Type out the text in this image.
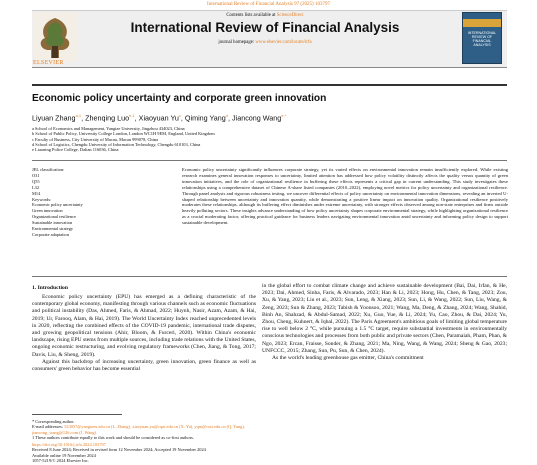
International Review of Financial Analysis 97 (2025) 103797
ELSEVIER
Contents lists available at ScienceDirect
International Review of Financial Analysis
journal homepage: www.elsevier.com/locate/irfa
INTERNATIONAL REVIEW OF FINANCIAL ANALYSIS
Economic policy uncertainty and corporate green innovation
Liyuan Zhang$^{a,1}$, Zhenqing Luo$^{b,1}$, Xiaoyuan Yu$^c$, Qiming Yang$^d$, Jiancong Wang$^{e,*}$
a School of Economics and Management, Yangtze University, Jingzhou 434023, China
b School of Public Policy, University College London, London WC1H 9EM, England, United Kingdom
c Faculty of Business, City University of Macau, Macau 999078, China
d School of Logistics, Chengdu University of Information Technology, Chengdu 610103, China
e Liaoning Police College, Dalian 116036, China
JEL classification:
O31
Q55
L32
M14
Keywords:
Economic policy uncertainty
Green innovation
Organizational resilience
Sustainable innovation
Environmental strategy
Corporate adaptation
Economic policy uncertainty significantly influences corporate strategy, yet its varied effects on environmental innovation remain insufficiently explored. While existing research examines general innovation responses to uncertainty, limited attention has addressed how policy volatility distinctly affects the quality versus quantity of green innovation initiatives, and the role of organizational resilience in buffering these effects represents a critical gap in current understanding. This study investigates these relationships using a comprehensive dataset of Chinese A-share listed companies (2010–2022), employing novel metrics for policy uncertainty and organizational resilience. Through panel analysis and rigorous robustness testing, we uncover differential effects of policy uncertainty on environmental innovation dimensions, revealing an inverted U-shaped relationship between uncertainty and innovation quantity, while demonstrating a positive linear impact on innovation quality. Organizational resilience positively moderates these relationships, although its buffering effect diminishes under extreme uncertainty, with stronger effects observed among non-state enterprises and firms outside heavily polluting sectors. These insights advance understanding of how policy uncertainty shapes corporate environmental strategy, while highlighting organizational resilience as a crucial moderating factor, offering practical guidance for business leaders navigating environmental innovation amid uncertainty and informing policy design to support sustainable development.
1. Introduction
Economic policy uncertainty (EPU) has emerged as a defining characteristic of the contemporary global economy, manifesting through various channels such as economic fluctuations and political instability (Das, Ahmed, Faris, & Ahmad, 2022; Huynh, Nasir, Azam, Azam, & Hai, 2019; Ur, Farooq, Alam, & Hai, 2019). The World Uncertainty Index reached unprecedented levels in 2020, reflecting the combined effects of the COVID-19 pandemic, international trade disputes, and growing geopolitical tensions (Ahir, Bloom, & Furceri, 2020). Within China's economic landscape, rising EPU stems from multiple sources, including trade relations with the United States, ongoing economic restructuring, and evolving regulatory frameworks (Chen, Jiang, & Tong, 2017; Davis, Liu, & Sheng, 2019).
Against this backdrop of increasing uncertainty, green innovation, green finance as well as consumers' green behavior has become essential
in the global effort to combat climate change and achieve sustainable development (Bai, Dai, Irfan, & He, 2023; Dai, Ahmed, Sinha, Faris, & Alvarado, 2023; Han & Li, 2023; Hong, Hu, Chen, & Tang, 2023; Zou, Xu, & Yang, 2023; Liu et al., 2023; Sun, Leng, & Xiang, 2023; Sun, Li, & Wang, 2022; Sun, Liu, Wang, & Zeng, 2023; Sun & Zhang, 2023; Tabish & Yoonsoo, 2021; Wang, Ma, Deng, & Zhang, 2024; Wang, Shahid, Binh An, Shahzad, & Abdul-Samad, 2022; Xu, Guo, Yue, & Li, 2024; Yu, Cao, Zhou, & Dai, 2024; Yu, Zhou, Cheng, Kuhnert, & Iqbal, 2022). The Paris Agreement's ambitious goals of limiting global temperature rise to well below 2 °C, while pursuing a 1.5 °C target, require substantial investments in environmentally conscious technologies and processes from both public and private sectors (Chen, Paramaiah, Pham, Phan, & Ngo, 2023; Ercan, Fraisse, Sonder, & Zhang, 2021; Ma, Ning, Wang, & Wang, 2024; Sheng & Gao, 2023; UNFCCC, 2015; Zhang, Sun, Pu, Sun, & Chen, 2024).
As the world's leading greenhouse gas emitter, China's commitment
* Corresponding author.
E-mail addresses: 523057@yangtzeu.edu.cn (L. Zhang), xiaoyuan.yu@cqut.edu.cn (X. Yu), yqm@cuit.edu.cn (Q. Yang), jiancong_wang@126.com (J. Wang).
1 These authors contribute equally to this work and should be considered as co-first authors.
https://doi.org/10.1016/j.irfa.2024.103797
Received 8 June 2024; Received in revised form 12 November 2024; Accepted 19 November 2024
Available online 19 November 2024
1057-5219/© 2024 Elsevier Inc.
